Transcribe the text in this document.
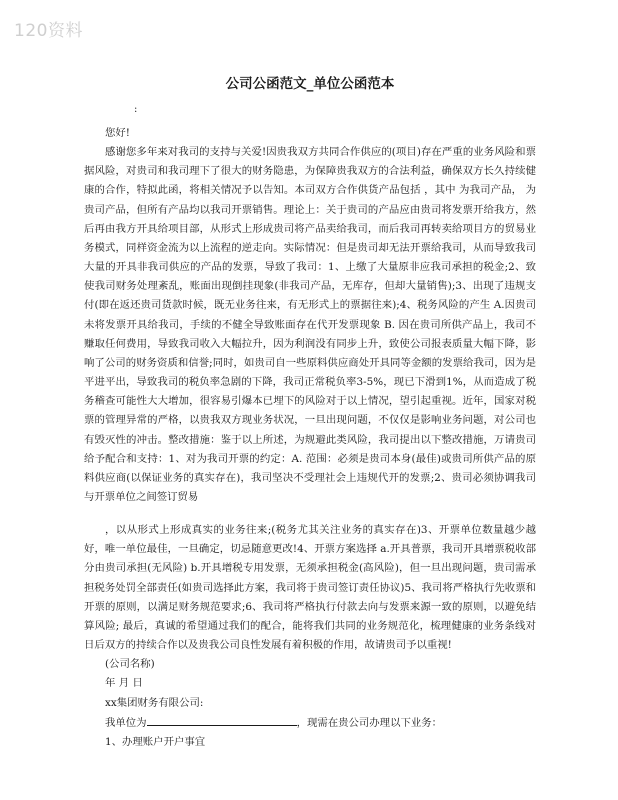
120资料
公司公函范文_单位公函范本
:

您好!

感谢您多年来对我司的支持与关爱!因贵我双方共同合作供应的(项目)存在严重的业务风险和票据风险，对贵司和我司理下了很大的财务隐患，为保障贵我双方的合法利益，确保双方长久持续健康的合作，特拟此函，将相关情况予以告知。本司双方合作供货产品包括 ，其中 为我司产品， 为贵司产品，但所有产品均以我司开票销售。理论上：关于贵司的产品应由贵司将发票开给我方，然后再由我方开具给项目部，从形式上形成贵司将产品卖给我司，而后我司再转卖给项目方的贸易业务模式，同样资金流为以上流程的逆走向。实际情况：但是贵司却无法开票给我司，从而导致我司大量的开具非我司供应的产品的发票，导致了我司：1、上缴了大量原非应我司承担的税金;2、致使我司财务处理紊乱，账面出现倒挂现象(非我司产品，无库存，但却大量销售);3、出现了违规支付(即在返还贵司货款时候，既无业务往来，有无形式上的票据往来);4、税务风险的产生 A.因贵司未将发票开具给我司，手续的不健全导致账面存在代开发票现象 B. 因在贵司所供产品上，我司不赚取任何费用，导致我司收入大幅拉升，因为利润没有同步上升，致使公司报表质量大幅下降，影响了公司的财务资质和信誉;同时，如贵司自一些原料供应商处开具同等金额的发票给我司，因为是平进平出，导致我司的税负率急剧的下降，我司正常税负率3-5%，现已下滑到1%，从而造成了税务稽查可能性大大增加，很容易引爆本已埋下的风险对于以上情况，望引起重视。近年，国家对税票的管理异常的严格，以贵我双方现业务状况，一旦出现问题，不仅仅是影响业务问题，对公司也有毁灭性的冲击。整改措施：鉴于以上所述，为规避此类风险，我司提出以下整改措施，万请贵司给予配合和支持：1、对为我司开票的约定：A. 范围：必须是贵司本身(最佳)或贵司所供产品的原料供应商(以保证业务的真实存在)，我司坚决不受理社会上违规代开的发票;2、贵司必须协调我司与开票单位之间签订贸易

，以从形式上形成真实的业务往来;(税务尤其关注业务的真实存在)3、开票单位数量越少越好，唯一单位最佳，一旦确定，切忌随意更改!4、开票方案选择 a.开具普票，我司开具增票税收部分由贵司承担(无风险) b.开具增税专用发票，无须承担税金(高风险)，但一旦出现问题，贵司需承担税务处罚全部责任(如贵司选择此方案，我司将于贵司签订责任协议)5、我司将严格执行先收票和开票的原则，以满足财务规范要求;6、我司将严格执行付款去向与发票来源一致的原则，以避免结算风险; 最后，真诚的希望通过我们的配合，能将我们共同的业务规范化，梳理健康的业务条线对日后双方的持续合作以及贵我公司良性发展有着积极的作用，故请贵司予以重视!

(公司名称)

年 月 日

xx集团财务有限公司:

我单位为	，现需在贵公司办理以下业务：

1、办理账户开户事宜
